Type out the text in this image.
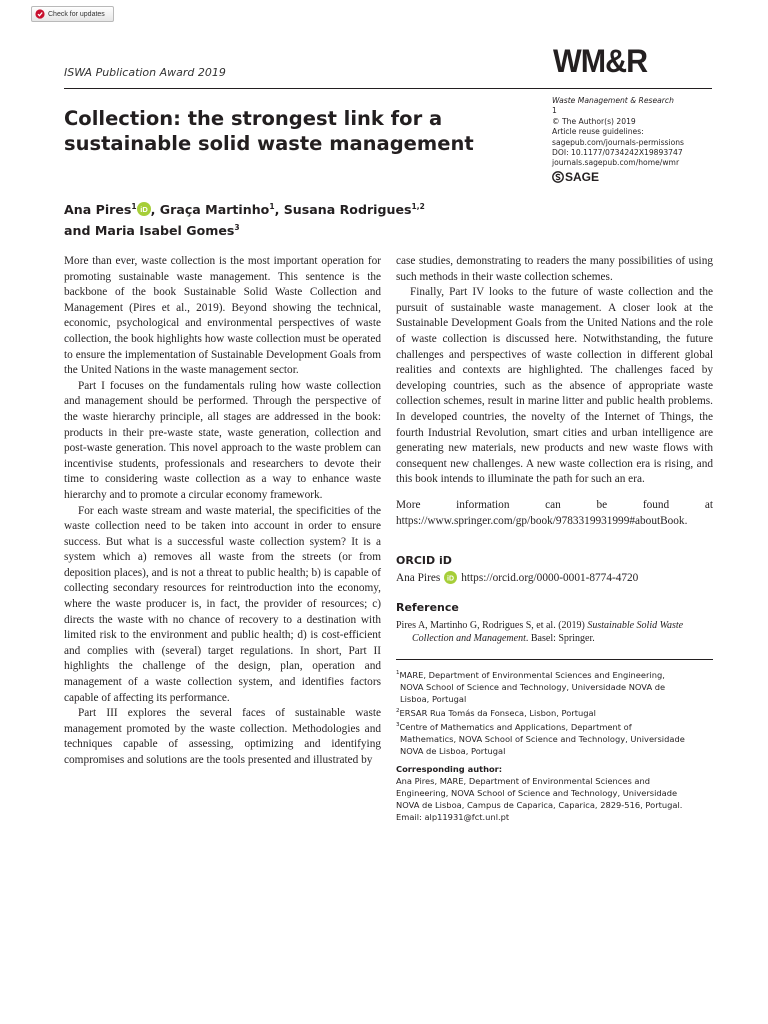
Check for updates
ISWA Publication Award 2019	WM&R
Collection: the strongest link for a
sustainable solid waste management
Waste Management & Research
1
© The Author(s) 2019
Article reuse guidelines:
sagepub.com/journals-permissions
DOI: 10.1177/0734242X19893747
journals.sagepub.com/home/wmr
SAGE
Ana Pires$^1$ iD , Graça Martinho$^1$, Susana Rodrigues$^{1,2}$
and Maria Isabel Gomes$^3$

More than ever, waste collection is the most important operation for promoting sustainable waste management. This sentence is the backbone of the book Sustainable Solid Waste Collection and Management (Pires et al., 2019). Beyond showing the technical, economic, psychological and environmental perspectives of waste collection, the book highlights how waste collection must be operated to ensure the implementation of Sustainable Development Goals from the United Nations in the waste management sector.

Part I focuses on the fundamentals ruling how waste collection and management should be performed. Through the perspective of the waste hierarchy principle, all stages are addressed in the book: products in their pre-waste state, waste generation, collection and post-waste generation. This novel approach to the waste problem can incentivise students, professionals and researchers to devote their time to considering waste collection as a way to enhance waste hierarchy and to promote a circular economy framework.

For each waste stream and waste material, the specificities of the waste collection need to be taken into account in order to ensure success. But what is a successful waste collection system? It is a system which a) removes all waste from the streets (or from deposition places), and is not a threat to public health; b) is capable of collecting secondary resources for reintroduction into the economy, where the waste producer is, in fact, the provider of resources; c) directs the waste with no chance of recovery to a destination with limited risk to the environment and public health; d) is cost-efficient and complies with (several) target regulations. In short, Part II highlights the challenge of the design, plan, operation and management of a waste collection system, and identifies factors capable of affecting its performance.

Part III explores the several faces of sustainable waste management promoted by the waste collection. Methodologies and techniques capable of assessing, optimizing and identifying compromises and solutions are the tools presented and illustrated by

case studies, demonstrating to readers the many possibilities of using such methods in their waste collection schemes.

Finally, Part IV looks to the future of waste collection and the pursuit of sustainable waste management. A closer look at the Sustainable Development Goals from the United Nations and the role of waste collection is discussed here. Notwithstanding, the future challenges and perspectives of waste collection in different global realities and contexts are highlighted. The challenges faced by developing countries, such as the absence of appropriate waste collection schemes, result in marine litter and public health problems. In developed countries, the novelty of the Internet of Things, the fourth Industrial Revolution, smart cities and urban intelligence are generating new materials, new products and new waste flows with consequent new challenges. A new waste collection era is rising, and this book intends to illuminate the path for such an era.

More information can be found at https://www.springer.com/gp/book/9783319931999#aboutBook.

ORCID iD
Ana Pires iD https://orcid.org/0000-0001-8774-4720
Reference
Pires A, Martinho G, Rodrigues S, et al. (2019) Sustainable Solid Waste
Collection and Management. Basel: Springer.
$^1$MARE, Department of Environmental Sciences and Engineering,
NOVA School of Science and Technology, Universidade NOVA de
Lisboa, Portugal
$^2$ERSAR Rua Tomás da Fonseca, Lisbon, Portugal
$^3$Centre of Mathematics and Applications, Department of
Mathematics, NOVA School of Science and Technology, Universidade
NOVA de Lisboa, Portugal
Corresponding author:
Ana Pires, MARE, Department of Environmental Sciences and
Engineering, NOVA School of Science and Technology, Universidade
NOVA de Lisboa, Campus de Caparica, Caparica, 2829-516, Portugal.
Email: alp11931@fct.unl.pt
